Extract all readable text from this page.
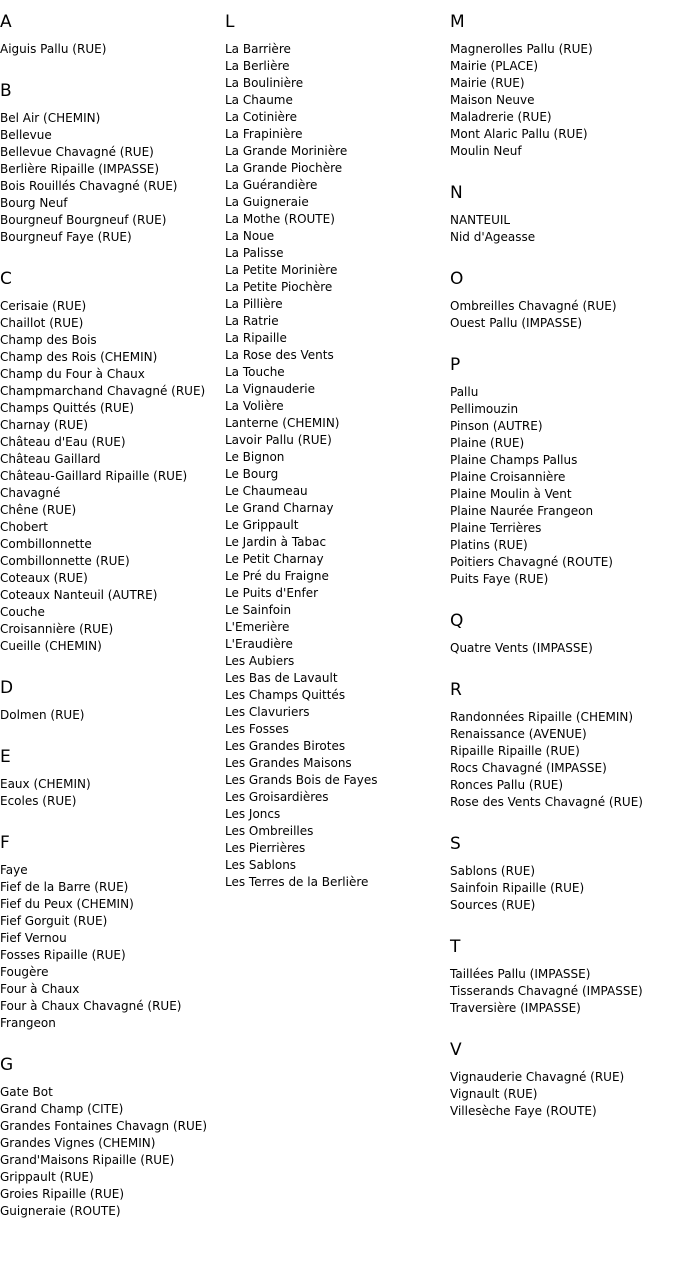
A
Aiguis Pallu (RUE)
B
Bel Air (CHEMIN)
Bellevue
Bellevue Chavagné (RUE)
Berlière Ripaille (IMPASSE)
Bois Rouillés Chavagné (RUE)
Bourg Neuf
Bourgneuf Bourgneuf (RUE)
Bourgneuf Faye (RUE)
C
Cerisaie (RUE)
Chaillot (RUE)
Champ des Bois
Champ des Rois (CHEMIN)
Champ du Four à Chaux
Champmarchand Chavagné (RUE)
Champs Quittés (RUE)
Charnay (RUE)
Château d'Eau (RUE)
Château Gaillard
Château-Gaillard Ripaille (RUE)
Chavagné
Chêne (RUE)
Chobert
Combillonnette
Combillonnette (RUE)
Coteaux (RUE)
Coteaux Nanteuil (AUTRE)
Couche
Croisannière (RUE)
Cueille (CHEMIN)
D
Dolmen (RUE)
E
Eaux (CHEMIN)
Ecoles (RUE)
F
Faye
Fief de la Barre (RUE)
Fief du Peux (CHEMIN)
Fief Gorguit (RUE)
Fief Vernou
Fosses Ripaille (RUE)
Fougère
Four à Chaux
Four à Chaux Chavagné (RUE)
Frangeon
G
Gate Bot
Grand Champ (CITE)
Grandes Fontaines Chavagn (RUE)
Grandes Vignes (CHEMIN)
Grand'Maisons Ripaille (RUE)
Grippault (RUE)
Groies Ripaille (RUE)
Guigneraie (ROUTE)
L
La Barrière
La Berlière
La Boulinière
La Chaume
La Cotinière
La Frapinière
La Grande Morinière
La Grande Piochère
La Guérandière
La Guigneraie
La Mothe (ROUTE)
La Noue
La Palisse
La Petite Morinière
La Petite Piochère
La Pillière
La Ratrie
La Ripaille
La Rose des Vents
La Touche
La Vignauderie
La Volière
Lanterne (CHEMIN)
Lavoir Pallu (RUE)
Le Bignon
Le Bourg
Le Chaumeau
Le Grand Charnay
Le Grippault
Le Jardin à Tabac
Le Petit Charnay
Le Pré du Fraigne
Le Puits d'Enfer
Le Sainfoin
L'Emerière
L'Eraudière
Les Aubiers
Les Bas de Lavault
Les Champs Quittés
Les Clavuriers
Les Fosses
Les Grandes Birotes
Les Grandes Maisons
Les Grands Bois de Fayes
Les Groisardières
Les Joncs
Les Ombreilles
Les Pierrières
Les Sablons
Les Terres de la Berlière
M
Magnerolles Pallu (RUE)
Mairie (PLACE)
Mairie (RUE)
Maison Neuve
Maladrerie (RUE)
Mont Alaric Pallu (RUE)
Moulin Neuf
N
NANTEUIL
Nid d'Ageasse
O
Ombreilles Chavagné (RUE)
Ouest Pallu (IMPASSE)
P
Pallu
Pellimouzin
Pinson (AUTRE)
Plaine (RUE)
Plaine Champs Pallus
Plaine Croisannière
Plaine Moulin à Vent
Plaine Naurée Frangeon
Plaine Terrières
Platins (RUE)
Poitiers Chavagné (ROUTE)
Puits Faye (RUE)
Q
Quatre Vents (IMPASSE)
R
Randonnées Ripaille (CHEMIN)
Renaissance (AVENUE)
Ripaille Ripaille (RUE)
Rocs Chavagné (IMPASSE)
Ronces Pallu (RUE)
Rose des Vents Chavagné (RUE)
S
Sablons (RUE)
Sainfoin Ripaille (RUE)
Sources (RUE)
T
Taillées Pallu (IMPASSE)
Tisserands Chavagné (IMPASSE)
Traversière (IMPASSE)
V
Vignauderie Chavagné (RUE)
Vignault (RUE)
Villesèche Faye (ROUTE)
